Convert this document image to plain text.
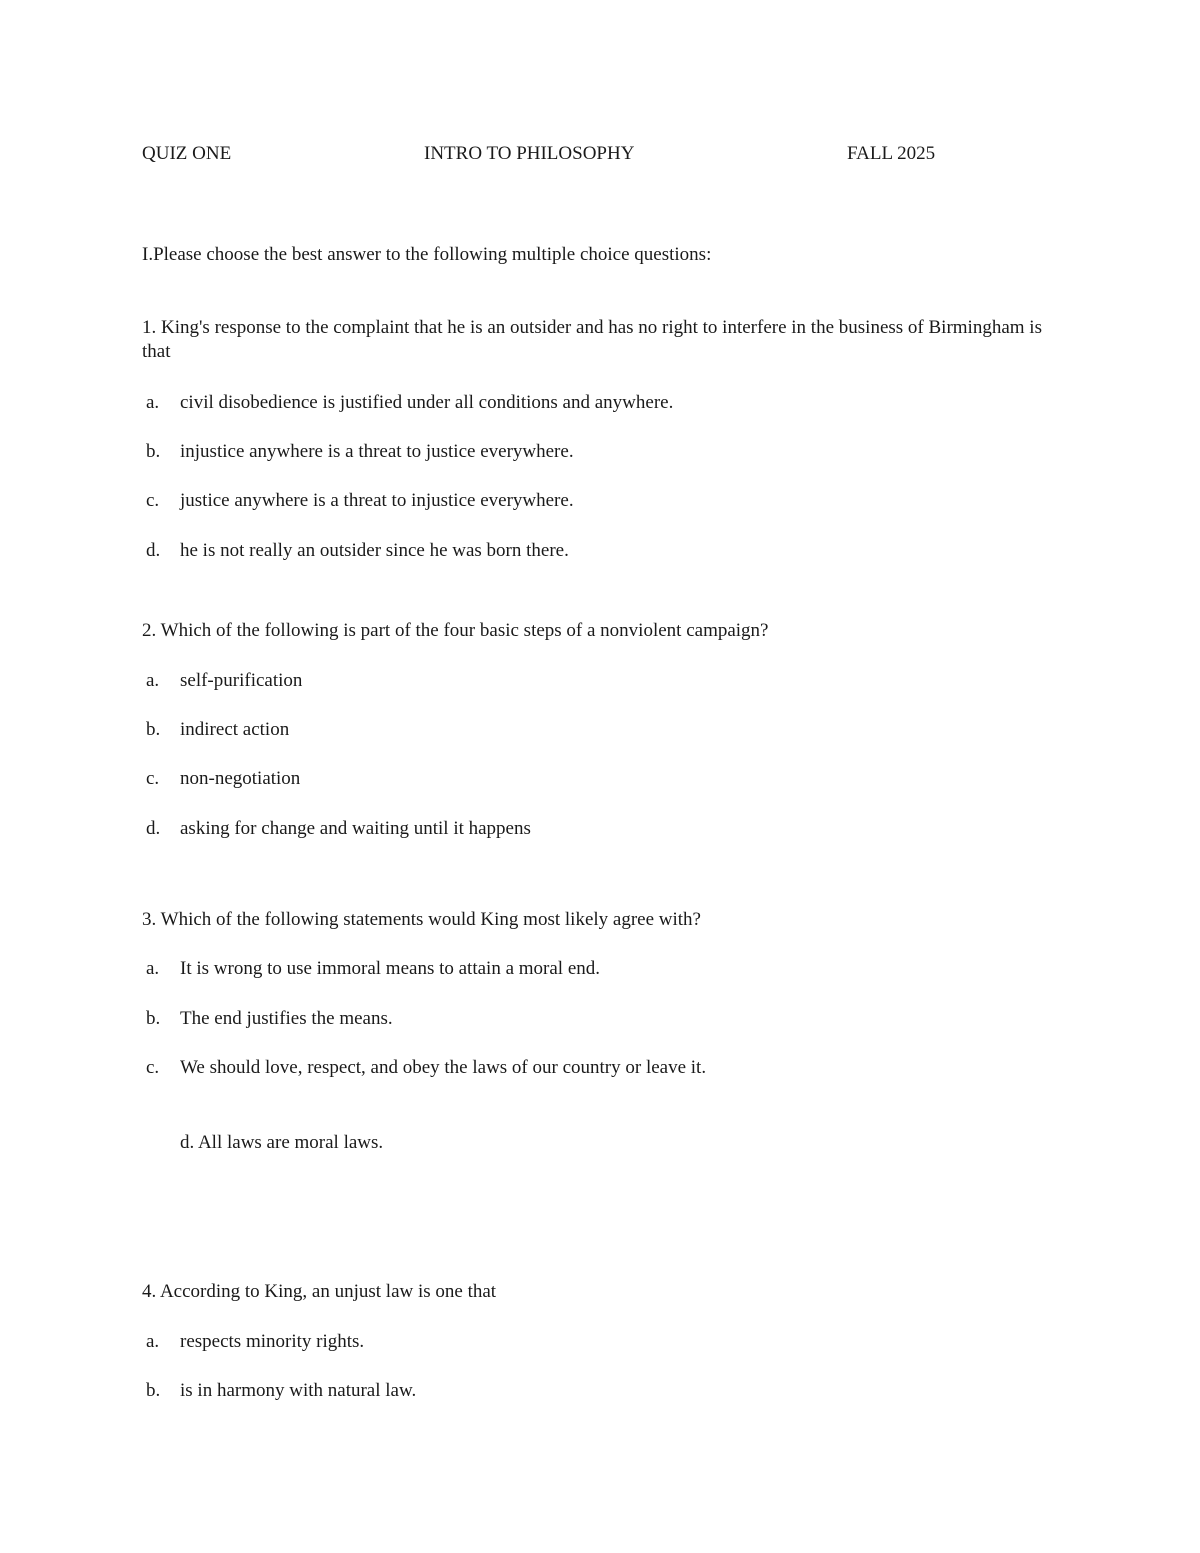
QUIZ ONE	INTRO TO PHILOSOPHY	FALL 2025
I.Please choose the best answer to the following multiple choice questions:
1. King's response to the complaint that he is an outsider and has no right to interfere in the business of Birmingham is that
a. civil disobedience is justified under all conditions and anywhere.
b. injustice anywhere is a threat to justice everywhere.
c. justice anywhere is a threat to injustice everywhere.
d. he is not really an outsider since he was born there.
2. Which of the following is part of the four basic steps of a nonviolent campaign?
a. self-purification
b. indirect action
c. non-negotiation
d. asking for change and waiting until it happens
3. Which of the following statements would King most likely agree with?
a. It is wrong to use immoral means to attain a moral end.
b. The end justifies the means.
c. We should love, respect, and obey the laws of our country or leave it.
d. All laws are moral laws.
4. According to King, an unjust law is one that
a. respects minority rights.
b. is in harmony with natural law.
